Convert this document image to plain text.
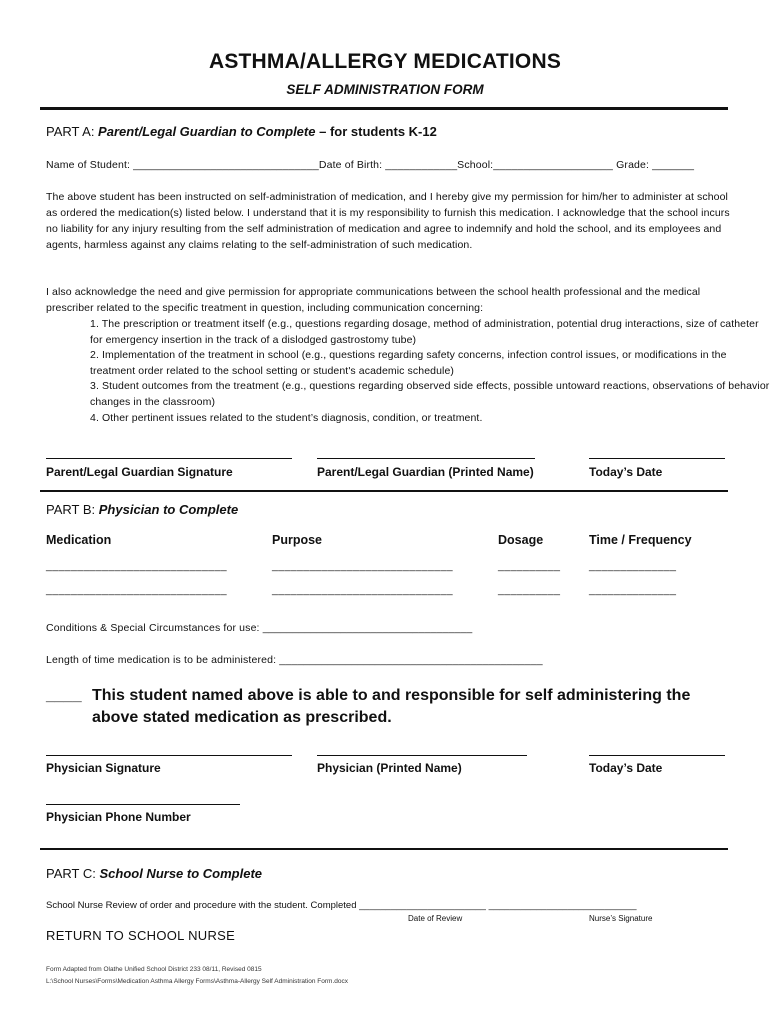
ASTHMA/ALLERGY MEDICATIONS
SELF ADMINISTRATION FORM
PART A: Parent/Legal Guardian to Complete – for students K-12
Name of Student: _______________________________Date of Birth: ____________School:____________________ Grade: _______
The above student has been instructed on self-administration of medication, and I hereby give my permission for him/her to administer at school as ordered the medication(s) listed below. I understand that it is my responsibility to furnish this medication. I acknowledge that the school incurs no liability for any injury resulting from the self administration of medication and agree to indemnify and hold the school, and its employees and agents, harmless against any claims relating to the self-administration of such medication.
I also acknowledge the need and give permission for appropriate communications between the school health professional and the medical prescriber related to the specific treatment in question, including communication concerning:
1. The prescription or treatment itself (e.g., questions regarding dosage, method of administration, potential drug interactions, size of catheter for emergency insertion in the track of a dislodged gastrostomy tube)
2. Implementation of the treatment in school (e.g., questions regarding safety concerns, infection control issues, or modifications in the treatment order related to the school setting or student's academic schedule)
3. Student outcomes from the treatment (e.g., questions regarding observed side effects, possible untoward reactions, observations of behavior changes in the classroom)
4. Other pertinent issues related to the student’s diagnosis, condition, or treatment.
Parent/Legal Guardian Signature	Parent/Legal Guardian (Printed Name)	Today’s Date
PART B: Physician to Complete
Medication	Purpose	Dosage	Time / Frequency
_____________________________	_____________________________	__________	______________
_____________________________	_____________________________	__________	______________
Conditions & Special Circumstances for use: ___________________________________
Length of time medication is to be administered: ____________________________________________
____ This student named above is able to and responsible for self administering the above stated medication as prescribed.
Physician Signature	Physician (Printed Name)	Today’s Date
Physician Phone Number
PART C: School Nurse to Complete
School Nurse Review of order and procedure with the student. Completed ________________________ ____________________________
Date of Review	Nurse’s Signature
RETURN TO SCHOOL NURSE
Form Adapted from Olathe Unified School District 233 08/11, Revised 0815
L:\School Nurses\Forms\Medication Asthma Allergy Forms\Asthma-Allergy Self Administration Form.docx
